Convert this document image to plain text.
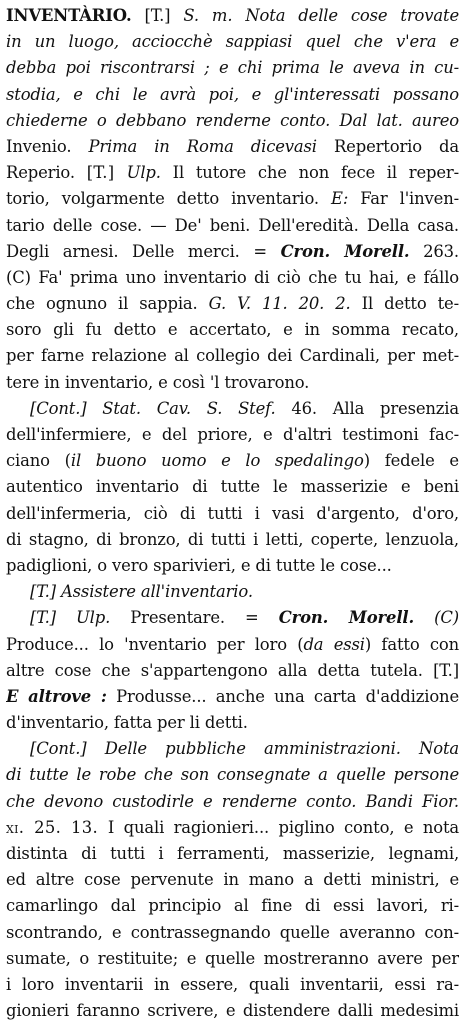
INVENTÀRIO. [T.] S. m. Nota delle cose trovate
in un luogo, acciocchè sappiasi quel che v'era e
debba poi riscontrarsi ; e chi prima le aveva in cu-
stodia, e chi le avrà poi, e gl'interessati possano
chiederne o debbano renderne conto. Dal lat. aureo
Invenio. Prima in Roma dicevasi Repertorio da
Reperio. [T.] Ulp. Il tutore che non fece il reper-
torio, volgarmente detto inventario. E: Far l'inven-
tario delle cose. — De' beni. Dell'eredità. Della casa.
Degli arnesi. Delle merci. = Cron. Morell. 263.
(C) Fa' prima uno inventario di ciò che tu hai, e fállo
che ognuno il sappia. G. V. 11. 20. 2. Il detto te-
soro gli fu detto e accertato, e in somma recato,
per farne relazione al collegio dei Cardinali, per met-
tere in inventario, e così 'l trovarono.
[Cont.] Stat. Cav. S. Stef. 46. Alla presenzia
dell'infermiere, e del priore, e d'altri testimoni fac-
ciano (il buono uomo e lo spedalingo) fedele e
autentico inventario di tutte le masserizie e beni
dell'infermeria, ciò di tutti i vasi d'argento, d'oro,
di stagno, di bronzo, di tutti i letti, coperte, lenzuola,
padiglioni, o vero sparivieri, e di tutte le cose...
[T.] Assistere all'inventario.
[T.] Ulp. Presentare. = Cron. Morell. (C)
Produce... lo 'nventario per loro (da essi) fatto con
altre cose che s'appartengono alla detta tutela. [T.]
E altrove : Produsse... anche una carta d'addizione
d'inventario, fatta per li detti.
[Cont.] Delle pubbliche amministrazioni. Nota
di tutte le robe che son consegnate a quelle persone
che devono custodirle e renderne conto. Bandi Fior.
xi. 25. 13. I quali ragionieri... piglino conto, e nota
distinta di tutti i ferramenti, masserizie, legnami,
ed altre cose pervenute in mano a detti ministri, e
camarlingo dal principio al fine di essi lavori, ri-
scontrando, e contrassegnando quelle averanno con-
sumate, o restituite; e quelle mostreranno avere per
i loro inventarii in essere, quali inventarii, essi ra-
gionieri faranno scrivere, e distendere dalli medesimi
